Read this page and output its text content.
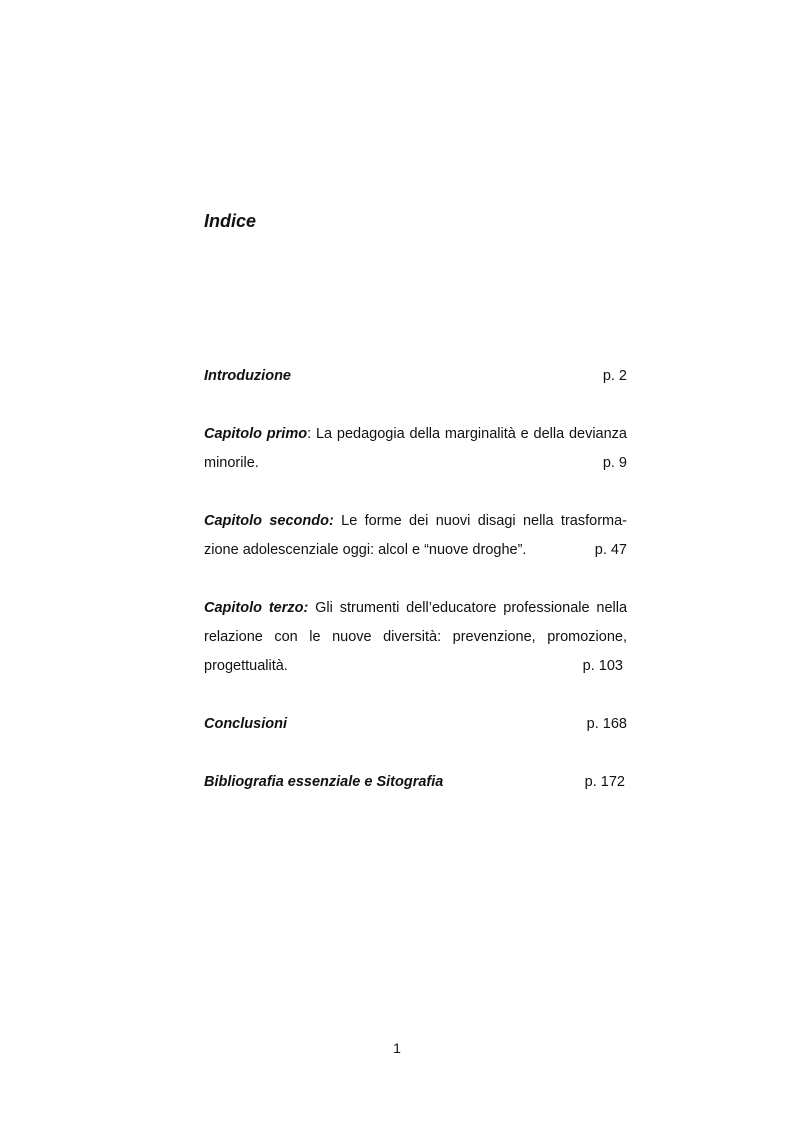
Indice
Introduzione	p. 2
Capitolo primo: La pedagogia della marginalità e della devianza
minorile.	p. 9
Capitolo secondo: Le forme dei nuovi disagi nella trasforma-
zione adolescenziale oggi: alcol e “nuove droghe”.	p. 47
Capitolo terzo: Gli strumenti dell’educatore professionale nella
relazione con le nuove diversità: prevenzione, promozione,
progettualità.	p. 103
Conclusioni	p. 168
Bibliografia essenziale e Sitografia	p. 172
1
